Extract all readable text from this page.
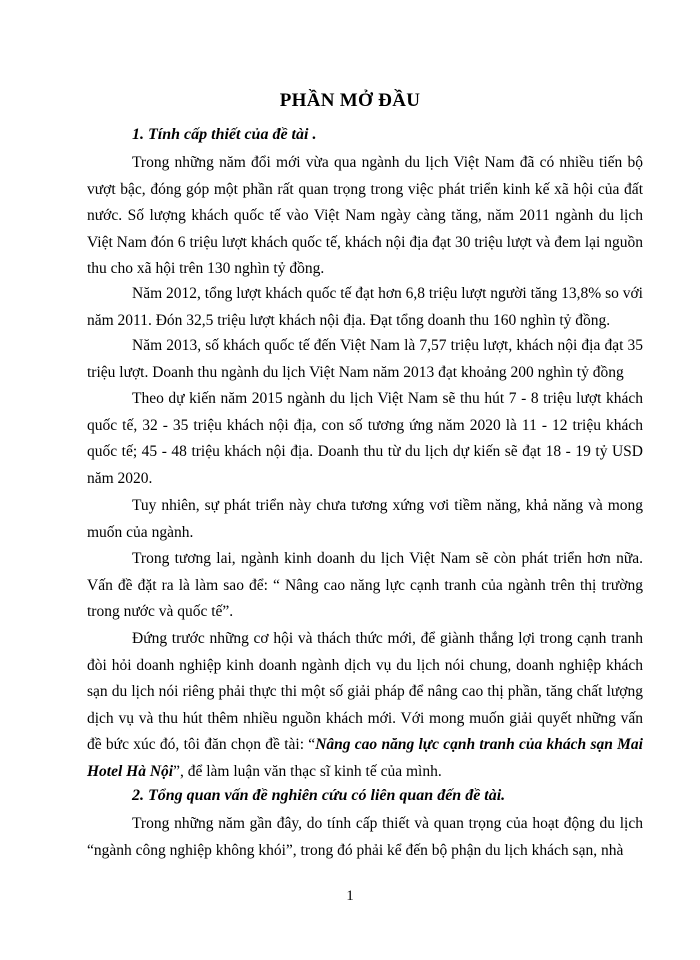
PHẦN MỞ ĐẦU
1. Tính cấp thiết của đề tài .
Trong những năm đổi mới vừa qua ngành du lịch Việt Nam đã có nhiều tiến bộ vượt bậc, đóng góp một phần rất quan trọng trong việc phát triển kinh kế xã hội của đất nước. Số lượng khách quốc tế vào Việt Nam ngày càng tăng, năm 2011 ngành du lịch Việt Nam đón 6 triệu lượt khách quốc tế, khách nội địa đạt 30 triệu lượt và đem lại nguồn thu cho xã hội trên 130 nghìn tỷ đồng.
Năm 2012, tổng lượt khách quốc tế đạt hơn 6,8 triệu lượt người tăng 13,8% so với năm 2011. Đón 32,5 triệu lượt khách nội địa. Đạt tổng doanh thu 160 nghìn tỷ đồng.
Năm 2013, số khách quốc tế đến Việt Nam là 7,57 triệu lượt, khách nội địa đạt 35 triệu lượt. Doanh thu ngành du lịch Việt Nam năm 2013 đạt khoảng 200 nghìn tỷ đồng
Theo dự kiến năm 2015 ngành du lịch Việt Nam sẽ thu hút 7 - 8 triệu lượt khách quốc tế, 32 - 35 triệu khách nội địa, con số tương ứng năm 2020 là 11 - 12 triệu khách quốc tế; 45 - 48 triệu khách nội địa. Doanh thu từ du lịch dự kiến sẽ đạt 18 - 19 tỷ USD năm 2020.
Tuy nhiên, sự phát triển này chưa tương xứng vơi tiềm năng, khả năng và mong muốn của ngành.
Trong tương lai, ngành kinh doanh du lịch Việt Nam sẽ còn phát triển hơn nữa. Vấn đề đặt ra là làm sao để: “ Nâng cao năng lực cạnh tranh của ngành trên thị trường trong nước và quốc tế”.
Đứng trước những cơ hội và thách thức mới, để giành thắng lợi trong cạnh tranh đòi hỏi doanh nghiệp kinh doanh ngành dịch vụ du lịch nói chung, doanh nghiệp khách sạn du lịch nói riêng phải thực thi một số giải pháp để nâng cao thị phần, tăng chất lượng dịch vụ và thu hút thêm nhiều nguồn khách mới. Với mong muốn giải quyết những vấn đề bức xúc đó, tôi đăn chọn đề tài: “Nâng cao năng lực cạnh tranh của khách sạn Mai Hotel Hà Nội”, để làm luận văn thạc sĩ kinh tế của mình.
2. Tổng quan vấn đề nghiên cứu có liên quan đến đề tài.
Trong những năm gần đây, do tính cấp thiết và quan trọng của hoạt động du lịch “ngành công nghiệp không khói”, trong đó phải kể đến bộ phận du lịch khách sạn, nhà
1
